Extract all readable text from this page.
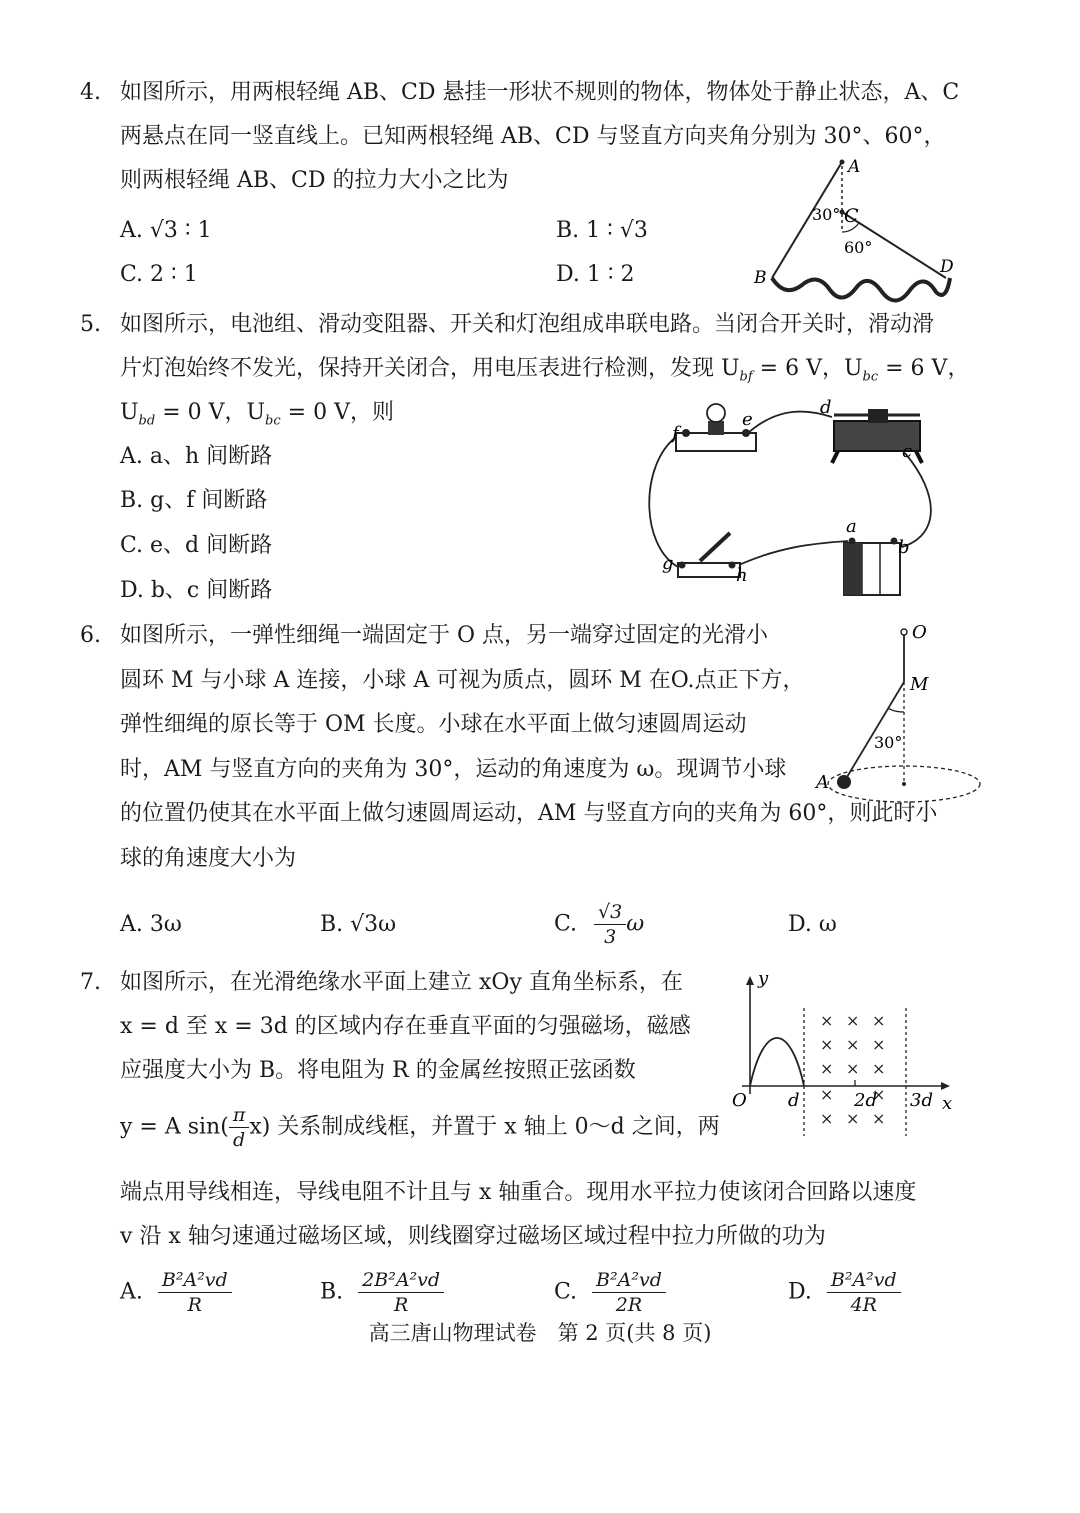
4. 如图所示，用两根轻绳 AB、CD 悬挂一形状不规则的物体，物体处于静止状态，A、C
两悬点在同一竖直线上。已知两根轻绳 AB、CD 与竖直方向夹角分别为 30°、60°，
则两根轻绳 AB、CD 的拉力大小之比为
A. √3 ∶ 1	B. 1 ∶ √3
C. 2 ∶ 1	D. 1 ∶ 2
A
C
B
D
30°
60°
5. 如图所示，电池组、滑动变阻器、开关和灯泡组成串联电路。当闭合开关时，滑动滑
片灯泡始终不发光，保持开关闭合，用电压表进行检测，发现 $U_{bf} = 6$ V，$U_{bc} = 6$ V，
$U_{bd} = 0$ V，$U_{bc} = 0$ V，则
A. a、h 间断路
B. g、f 间断路
C. e、d 间断路
D. b、c 间断路
f
e
d
c
a
b
g
h
6. 如图所示，一弹性细绳一端固定于 O 点，另一端穿过固定的光滑小
圆环 M 与小球 A 连接，小球 A 可视为质点，圆环 M 在O.点正下方，
弹性细绳的原长等于 OM 长度。小球在水平面上做匀速圆周运动
时，AM 与竖直方向的夹角为 30°，运动的角速度为 ω。现调节小球
的位置仍使其在水平面上做匀速圆周运动，AM 与竖直方向的夹角为 60°，则此时小
球的角速度大小为
A. 3ω	B. √3ω	C. $\frac{√3}{3}$ ω	D. ω
O
M
A
30°
7. 如图所示，在光滑绝缘水平面上建立 xOy 直角坐标系，在
x = d 至 x = 3d 的区域内存在垂直平面的匀强磁场，磁感
应强度大小为 B。将电阻为 R 的金属丝按照正弦函数
y = A $\sin( \frac{\pi}{d} x)$ 关系制成线框，并置于 x 轴上 0～d 之间，两
端点用导线相连，导线电阻不计且与 x 轴重合。现用水平拉力使该闭合回路以速度
v 沿 x 轴匀速通过磁场区域，则线圈穿过磁场区域过程中拉力所做的功为
A. $\frac{\text{B²A²vd}}{R}$	B. $\frac{\text{2B²A²vd}}{R}$	C. $\frac{\text{B²A²vd}}{2R}$	D. $\frac{\text{B²A²vd}}{4R}$
× × ×
× × ×
× × ×
× ×
× × ×
y
x
O d	2d 3d
高三唐山物理试卷　第 2 页(共 8 页)
